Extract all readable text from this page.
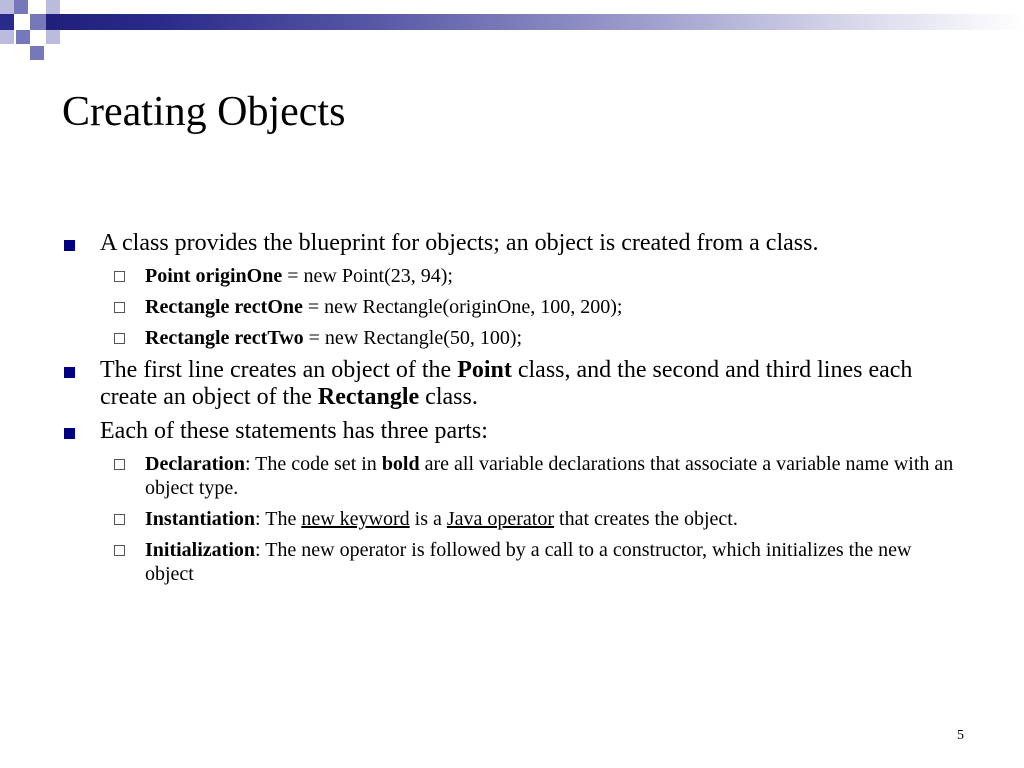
Creating Objects
A class provides the blueprint for objects; an object is created from a class.
Point originOne = new Point(23, 94);
Rectangle rectOne = new Rectangle(originOne, 100, 200);
Rectangle rectTwo = new Rectangle(50, 100);
The first line creates an object of the Point class, and the second and third lines each create an object of the Rectangle class.
Each of these statements has three parts:
Declaration: The code set in bold are all variable declarations that associate a variable name with an object type.
Instantiation: The new keyword is a Java operator that creates the object.
Initialization: The new operator is followed by a call to a constructor, which initializes the new object
5
